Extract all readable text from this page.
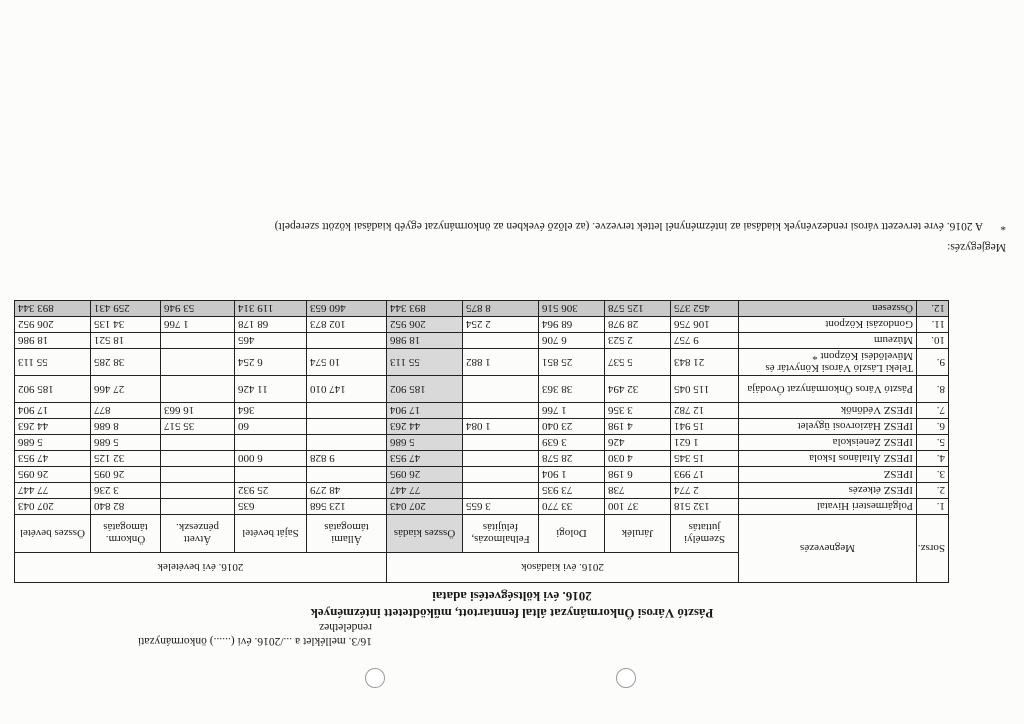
16/3. melléklet a .../2016. évi (......) önkormányzati
rendelethez
Pásztó Városi Önkormányzat által fenntartott, működtetett intézmények
2016. évi költségvetési adatai
Sorsz.	Megnevezés	2016. évi kiadások					2016. évi bevételek				
		Személyi juttatás	Járulék	Dologi	Felhalmozás, felújítás	Összes kiadás	Állami támogatás	Saját bevétel	Átvett pénzeszk.	Önkorm. támogatás	Összes bevétel
1.	Polgármesteri Hivatal	132 518	37 100	33 770	3 655	207 043	123 568	635		82 840	207 043
2.	IPESZ étkezés	2 774	738	73 935		77 447	48 279	25 932		3 236	77 447
3.	IPESZ	17 993	6 198	1 904		26 095				26 095	26 095
4.	IPESZ Általános Iskola	15 345	4 030	28 578		47 953	9 828	6 000		32 125	47 953
5.	IPESZ Zeneiskola	1 621	426	3 639		5 686				5 686	5 686
6.	IPESZ Háziorvosi ügyelet	15 941	4 198	23 040	1 084	44 263		60	35 517	8 686	44 263
7.	IPESZ Védőnők	12 782	3 356	1 766		17 904		364	16 663	877	17 904
8.	Pásztó Város Önkormányzat Óvodája	115 045	32 494	38 363		185 902	147 010	11 426		27 466	185 902
9.	Teleki László Városi Könyvtár és Művelődési Központ *	21 843	5 537	25 851	1 882	55 113	10 574	6 254		38 285	55 113
10.	Múzeum	9 757	2 523	6 706		18 986		465		18 521	18 986
11.	Gondozási Központ	106 756	28 978	68 964	2 254	206 952	102 873	68 178	1 766	34 135	206 952
12.	Összesen	452 375	125 578	306 516	8 875	893 344	460 653	119 314	53 946	259 431	893 344
Megjegyzés:
*  A 2016. évre tervezett városi rendezvények kiadásai az intézménynél lettek tervezve. (az előző években az önkormányzat egyéb kiadásai között szerepelt)
